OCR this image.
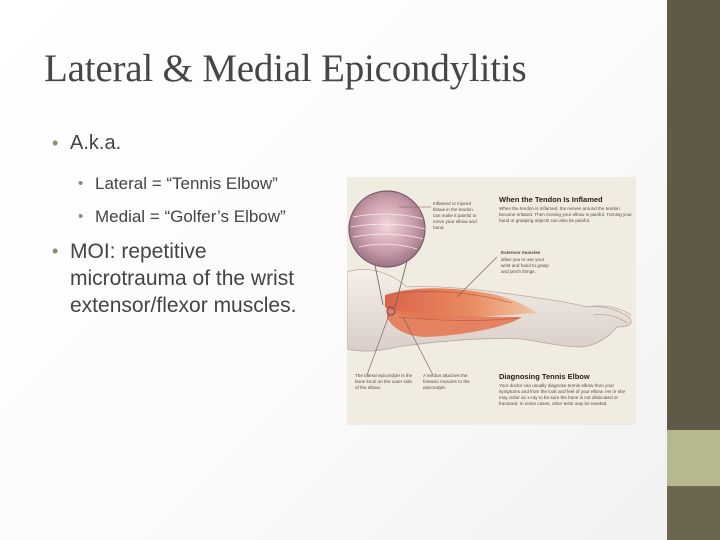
Lateral & Medial Epicondylitis
• A.k.a.
• Lateral = “Tennis Elbow”
• Medial = “Golfer’s Elbow”
• MOI: repetitive microtrauma of the wrist extensor/flexor muscles.
Inflamed or injured tissue in the tendon can make it painful to move your elbow and hand.
When the Tendon Is Inflamed
When the tendon is inflamed, the nerves around the tendon become irritated. Then moving your elbow is painful. Turning your hand or grasping objects can also be painful.
Extensor muscles
allow you to use your wrist and hand to grasp and pinch things.
The lateral epicondyle is the bone knob on the outer side of the elbow.
A tendon attaches the forearm muscles to the epicondyle.
Diagnosing Tennis Elbow
Your doctor can usually diagnose tennis elbow from your symptoms and from the look and feel of your elbow. He or she may order an x-ray to be sure the bone is not dislocated or fractured. In some cases, other tests may be needed.
